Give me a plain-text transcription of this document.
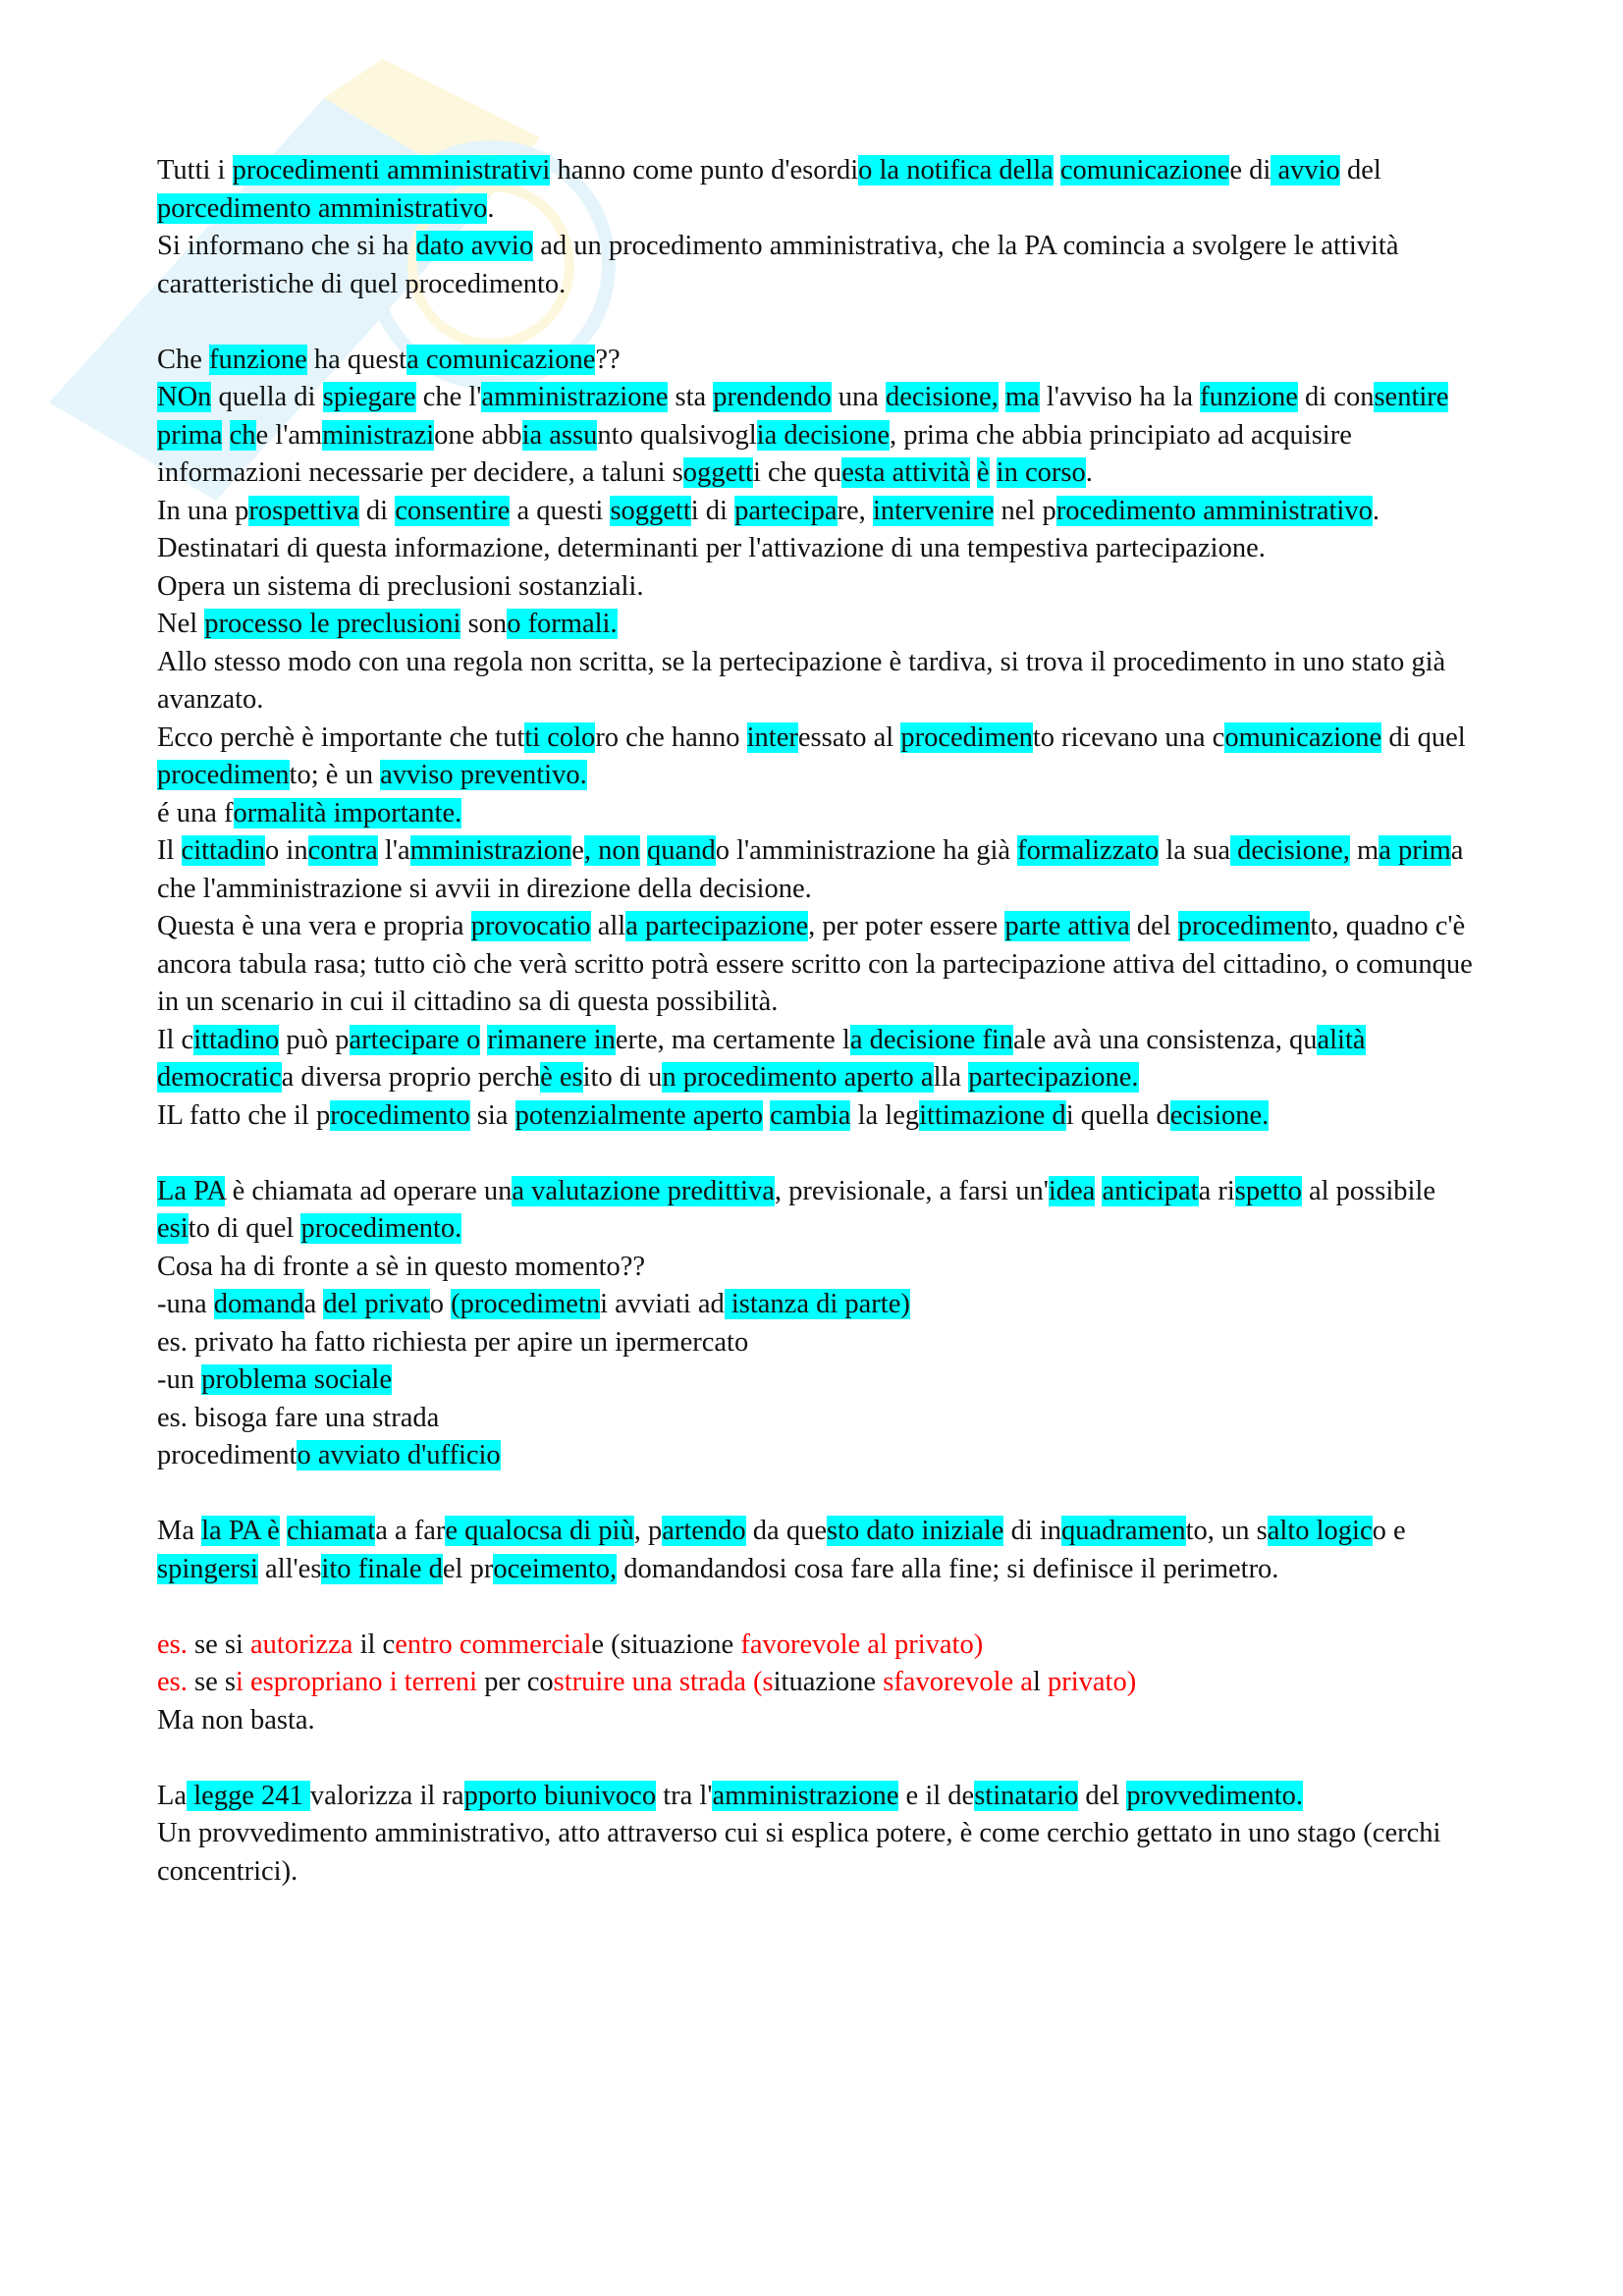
Tutti i procedimenti amministrativi hanno come punto d'esordio la notifica della comunicazionee di avvio del porcedimento amministrativo.

Si informano che si ha dato avvio ad un procedimento amministrativa, che la PA comincia a svolgere le attività caratteristiche di quel procedimento.

Che funzione ha questa comunicazione??

NOn quella di spiegare che l'amministrazione sta prendendo una decisione, ma l'avviso ha la funzione di consentire prima che l'amministrazione abbia assunto qualsivoglia decisione, prima che abbia principiato ad acquisire informazioni necessarie per decidere, a taluni soggetti che questa attività è in corso.

In una prospettiva di consentire a questi soggetti di partecipare, intervenire nel procedimento amministrativo.

Destinatari di questa informazione, determinanti per l'attivazione di una tempestiva partecipazione.

Opera un sistema di preclusioni sostanziali.

Nel processo le preclusioni sono formali.

Allo stesso modo con una regola non scritta, se la pertecipazione è tardiva, si trova il procedimento in uno stato già avanzato.

Ecco perchè è importante che tutti coloro che hanno interessato al procedimento ricevano una comunicazione di quel procedimento; è un avviso preventivo.

é una formalità importante.

Il cittadino incontra l'amministrazione, non quando l'amministrazione ha già formalizzato la sua decisione, ma prima che l'amministrazione si avvii in direzione della decisione.

Questa è una vera e propria provocatio alla partecipazione, per poter essere parte attiva del procedimento, quadno c'è ancora tabula rasa; tutto ciò che verà scritto potrà essere scritto con la partecipazione attiva del cittadino, o comunque in un scenario in cui il cittadino sa di questa possibilità.

Il cittadino può partecipare o rimanere inerte, ma certamente la decisione finale avà una consistenza, qualità democratica diversa proprio perchè esito di un procedimento aperto alla partecipazione.

IL fatto che il procedimento sia potenzialmente aperto cambia la legittimazione di quella decisione.

La PA è chiamata ad operare una valutazione predittiva, previsionale, a farsi un'idea anticipata rispetto al possibile esito di quel procedimento.

Cosa ha di fronte a sè in questo momento??

-una domanda del privato (procedimetni avviati ad istanza di parte)

es. privato ha fatto richiesta per apire un ipermercato

-un problema sociale

es. bisoga fare una strada

procedimento avviato d'ufficio

Ma la PA è chiamata a fare qualocsa di più, partendo da questo dato iniziale di inquadramento, un salto logico e spingersi all'esito finale del proceimento, domandandosi cosa fare alla fine; si definisce il perimetro.

es. se si autorizza il centro commerciale (situazione favorevole al privato)

es. se si espropriano i terreni per costruire una strada (situazione sfavorevole al privato)

Ma non basta.

La legge 241 valorizza il rapporto biunivoco tra l'amministrazione e il destinatario del provvedimento.

Un provvedimento amministrativo, atto attraverso cui si esplica potere, è come cerchio gettato in uno stago (cerchi concentrici).
